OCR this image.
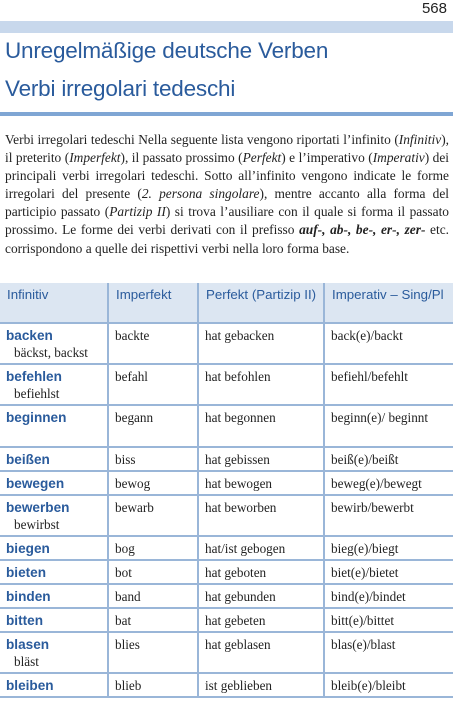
568
Unregelmäßige deutsche Verben
Verbi irregolari tedeschi
Verbi irregolari tedeschi Nella seguente lista vengono riportati l’infinito (Infinitiv), il preterito (Imperfekt), il passato prossimo (Perfekt) e l’imperativo (Imperativ) dei principali verbi irregolari tedeschi. Sotto all’infinito vengono indicate le forme irregolari del presente (2. persona singolare), mentre accanto alla forma del participio passato (Partizip II) si trova l’ausiliare con il quale si forma il passato prossimo. Le forme dei verbi derivati con il prefisso auf-, ab-, be-, er-, zer- etc. corrispondono a quelle dei rispettivi verbi nella loro forma base.
Infinitiv	Imperfekt	Perfekt (Partizip II)	Imperativ – Sing/Pl

backen
bäckst, backst	backte	hat gebacken	back(e)/backt

befehlen
befiehlst	befahl	hat befohlen	befiehl/befehlt

beginnen	begann	hat begonnen	beginn(e)/ beginnt

beißen	biss	hat gebissen	beiß(e)/beißt

bewegen	bewog	hat bewogen	beweg(e)/bewegt

bewerben
bewirbst	bewarb	hat beworben	bewirb/bewerbt

biegen	bog	hat/ist gebogen	bieg(e)/biegt

bieten	bot	hat geboten	biet(e)/bietet

binden	band	hat gebunden	bind(e)/bindet

bitten	bat	hat gebeten	bitt(e)/bittet

blasen
bläst	blies	hat geblasen	blas(e)/blast

bleiben	blieb	ist geblieben	bleib(e)/bleibt
